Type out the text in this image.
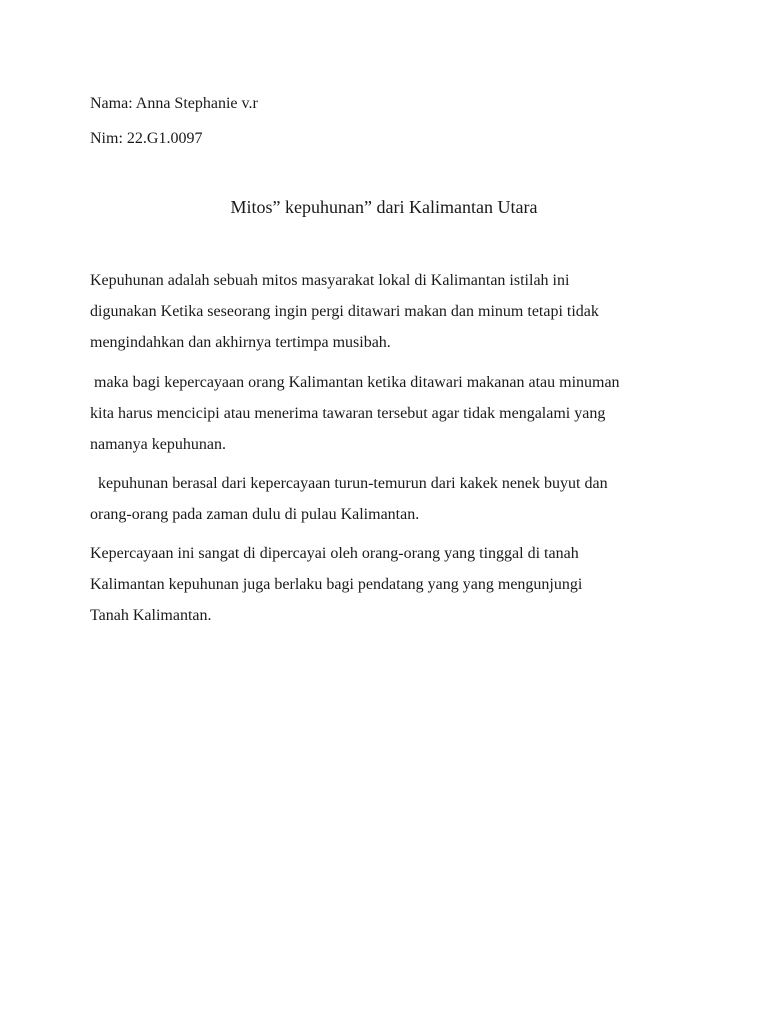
Nama: Anna Stephanie v.r

Nim: 22.G1.0097

Mitos” kepuhunan” dari Kalimantan Utara

Kepuhunan adalah sebuah mitos masyarakat lokal di Kalimantan istilah ini

digunakan Ketika seseorang ingin pergi ditawari makan dan minum tetapi tidak

mengindahkan dan akhirnya tertimpa musibah.

maka bagi kepercayaan orang Kalimantan ketika ditawari makanan atau minuman

kita harus mencicipi atau menerima tawaran tersebut agar tidak mengalami yang

namanya kepuhunan.

kepuhunan berasal dari kepercayaan turun-temurun dari kakek nenek buyut dan

orang-orang pada zaman dulu di pulau Kalimantan.

Kepercayaan ini sangat di dipercayai oleh orang-orang yang tinggal di tanah

Kalimantan kepuhunan juga berlaku bagi pendatang yang yang mengunjungi

Tanah Kalimantan.
